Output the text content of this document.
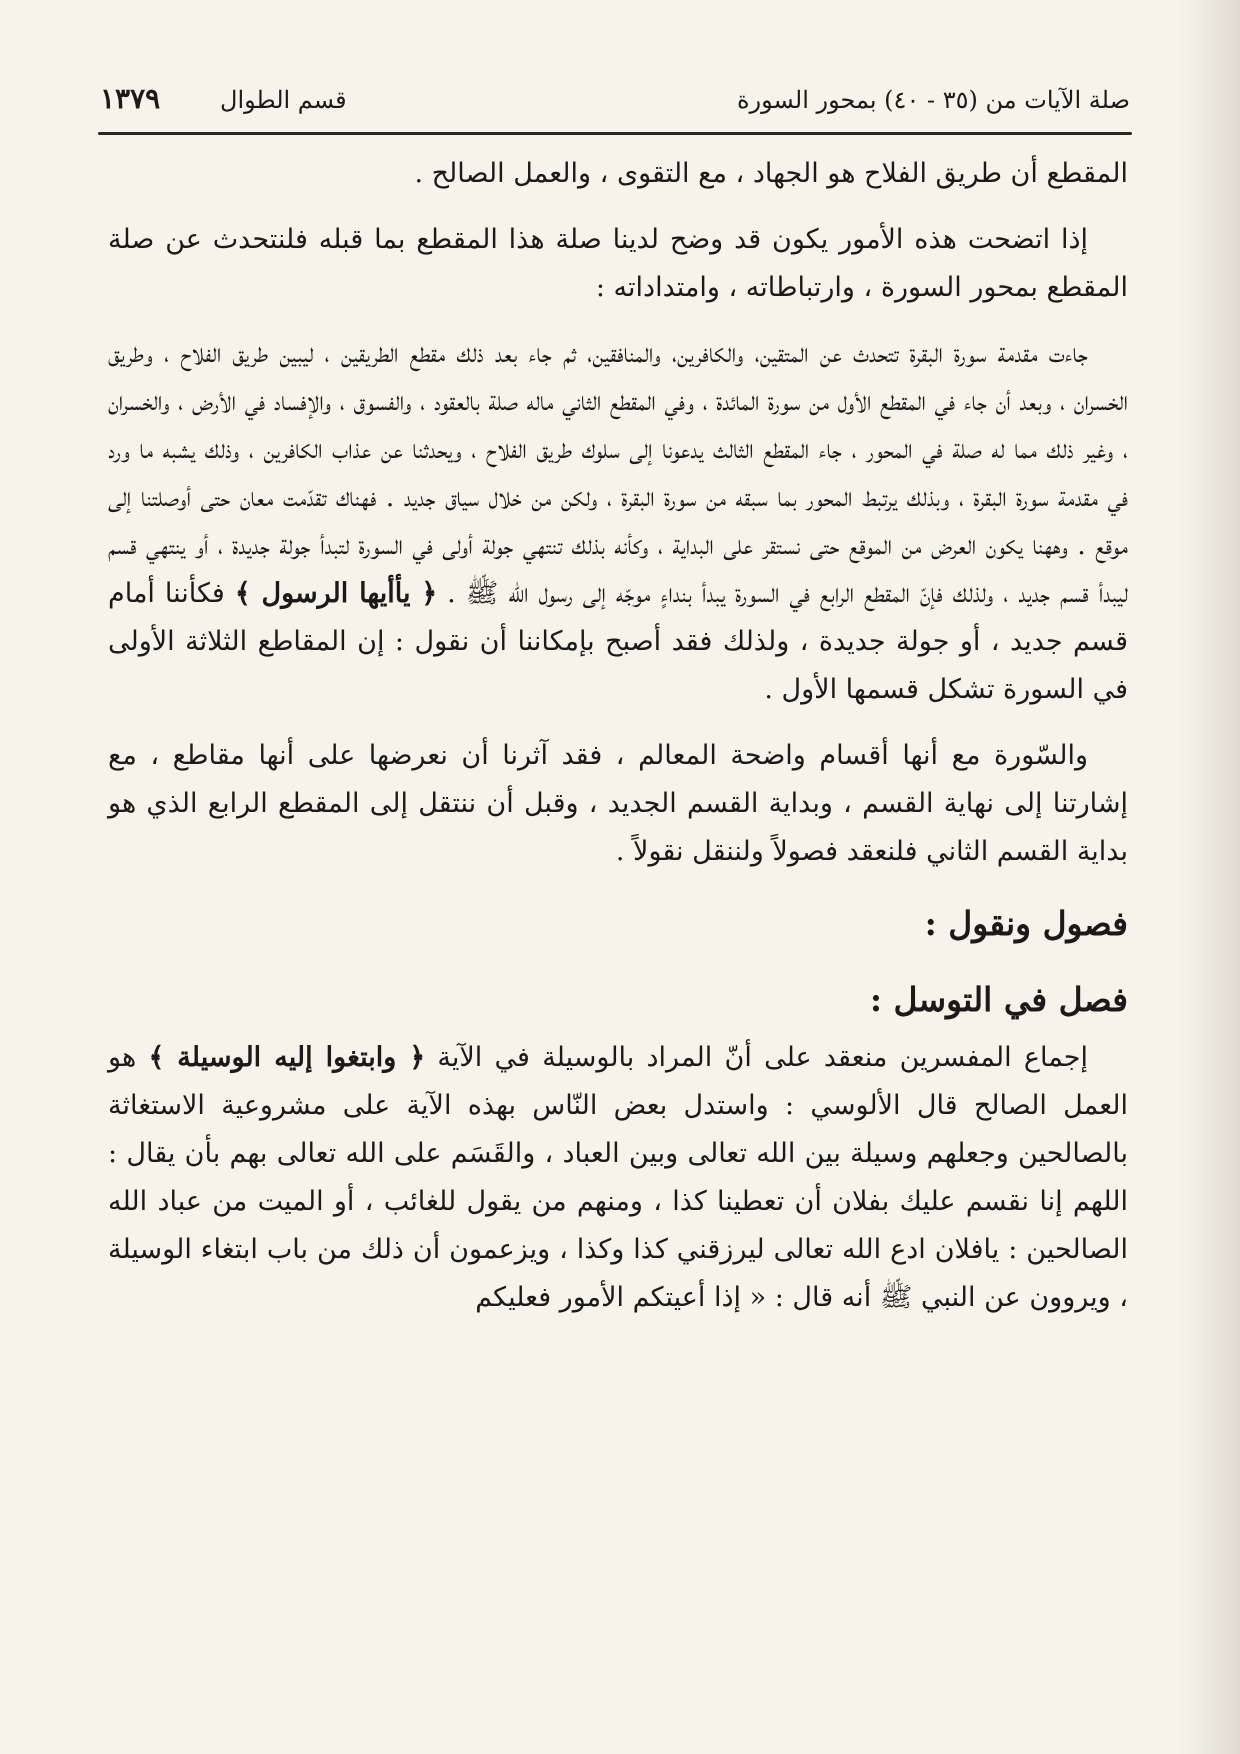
صلة الآيات من (٣٥ - ٤٠) بمحور السورة
قسم الطوال
١٣٧٩

المقطع أن طريق الفلاح هو الجهاد ، مع التقوى ، والعمل الصالح .

إذا اتضحت هذه الأمور يكون قد وضح لدينا صلة هذا المقطع بما قبله فلنتحدث عن صلة المقطع بمحور السورة ، وارتباطاته ، وامتداداته :

جاءت مقدمة سورة البقرة تتحدث عن المتقين، والكافرين، والمنافقين، ثم جاء بعد ذلك مقطع الطريقين ، ليبين طريق الفلاح ، وطريق الخسران ، وبعد أن جاء في المقطع الأول من سورة المائدة ، وفي المقطع الثاني ماله صلة بالعقود ، والفسوق ، والإفساد في الأرض ، والخسران ، وغير ذلك مما له صلة في المحور ، جاء المقطع الثالث يدعونا إلى سلوك طريق الفلاح ، ويحدثنا عن عذاب الكافرين ، وذلك يشبه ما ورد في مقدمة سورة البقرة ، وبذلك يرتبط المحور بما سبقه من سورة البقرة ، ولكن من خلال سياق جديد . فهناك تقدّمت معان حتى أوصلتنا إلى موقع . وههنا يكون العرض من الموقع حتى نستقر على البداية ، وكأنه بذلك تنتهي جولة أولى في السورة لتبدأ جولة جديدة ، أو ينتهي قسم ليبدأ قسم جديد ، ولذلك فإنّ المقطع الرابع في السورة يبدأ بنداءٍ موجّه إلى رسول الله ﷺ . ﴿ يأأيها الرسول ﴾ فكأننا أمام قسم جديد ، أو جولة جديدة ، ولذلك فقد أصبح بإمكاننا أن نقول : إن المقاطع الثلاثة الأولى في السورة تشكل قسمها الأول .

والسّورة مع أنها أقسام واضحة المعالم ، فقد آثرنا أن نعرضها على أنها مقاطع ، مع إشارتنا إلى نهاية القسم ، وبداية القسم الجديد ، وقبل أن ننتقل إلى المقطع الرابع الذي هو بداية القسم الثاني فلنعقد فصولاً ولننقل نقولاً .

فصول ونقول :
فصل في التوسل :

إجماع المفسرين منعقد على أنّ المراد بالوسيلة في الآية ﴿ وابتغوا إليه الوسيلة ﴾ هو العمل الصالح قال الألوسي : واستدل بعض النّاس بهذه الآية على مشروعية الاستغاثة بالصالحين وجعلهم وسيلة بين الله تعالى وبين العباد ، والقَسَم على الله تعالى بهم بأن يقال : اللهم إنا نقسم عليك بفلان أن تعطينا كذا ، ومنهم من يقول للغائب ، أو الميت من عباد الله الصالحين : يافلان ادع الله تعالى ليرزقني كذا وكذا ، ويزعمون أن ذلك من باب ابتغاء الوسيلة ، ويروون عن النبي ﷺ أنه قال : « إذا أعيتكم الأمور فعليكم
